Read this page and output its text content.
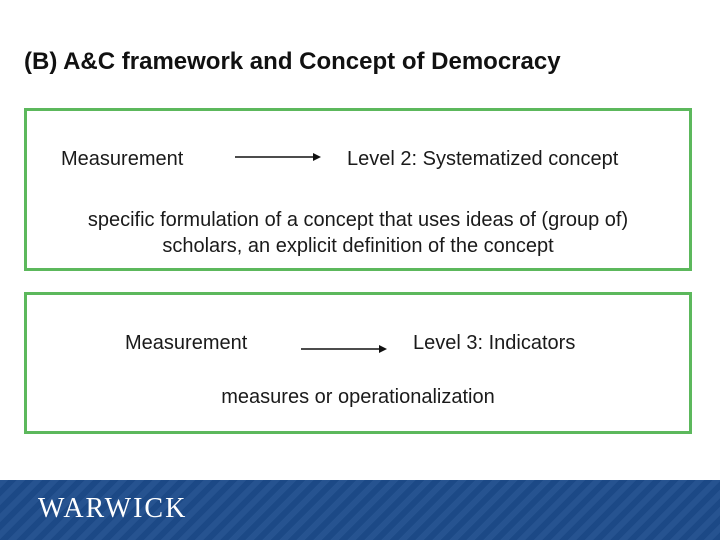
(B) A&C framework and Concept of Democracy
Measurement	Level 2: Systematized concept
specific formulation of a concept that uses ideas of (group of)
scholars, an explicit definition of the concept
Measurement	Level 3: Indicators
measures or operationalization
WARWICK
